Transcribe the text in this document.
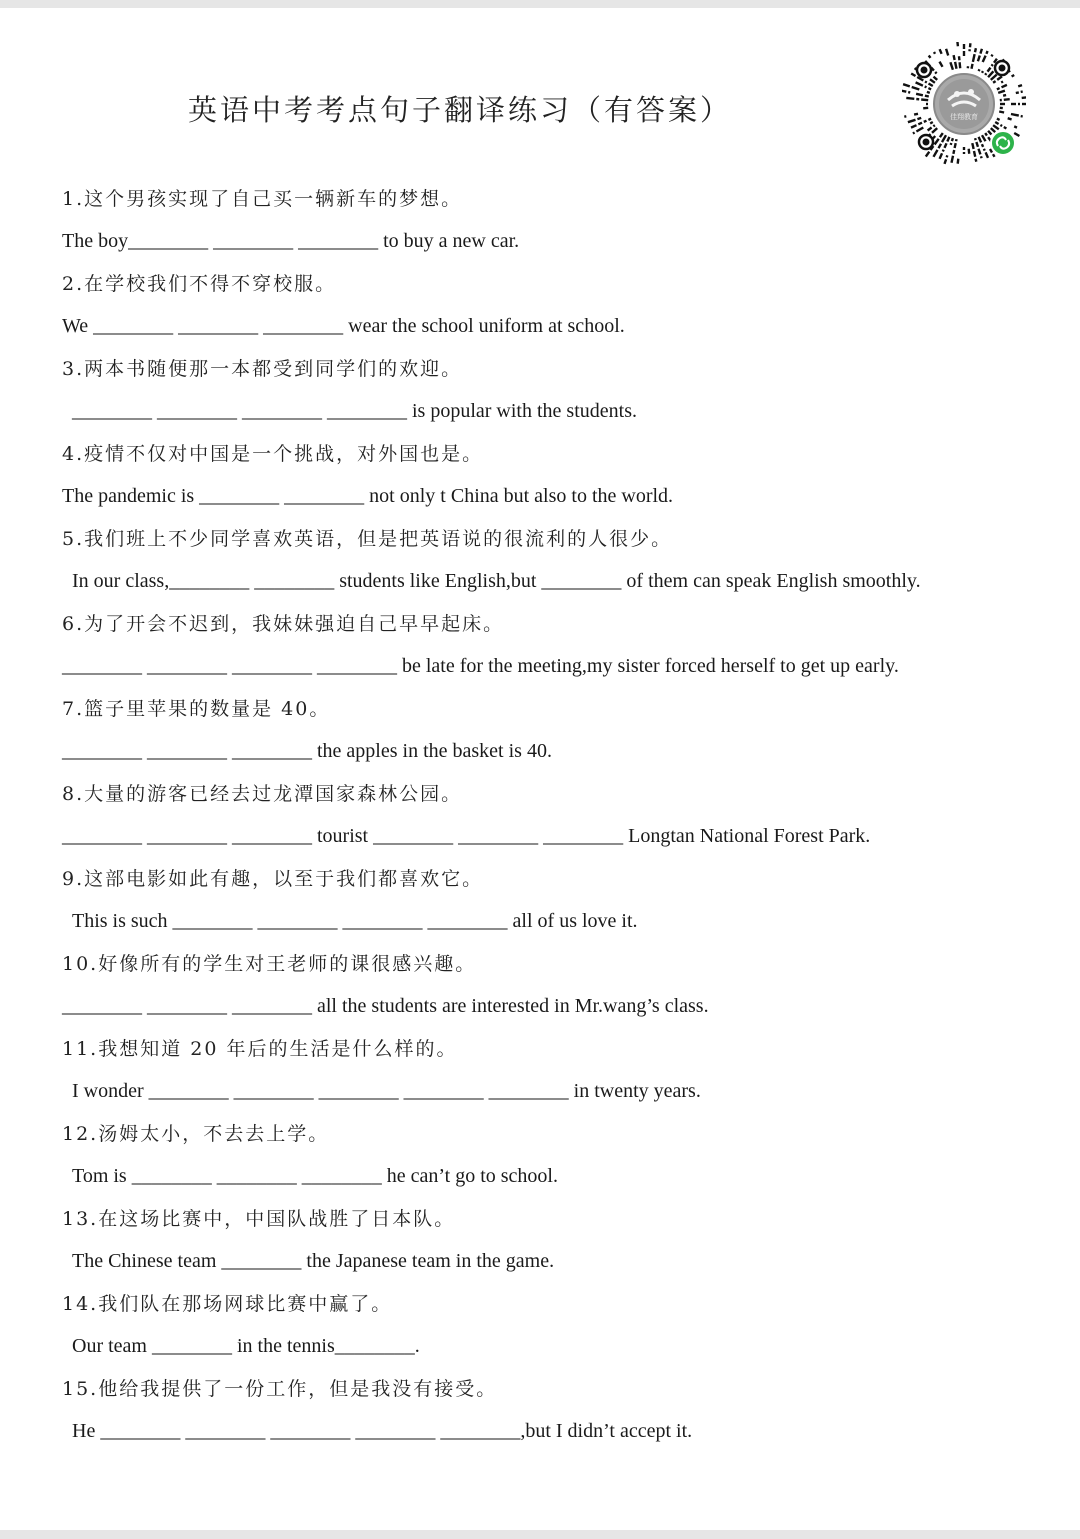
英语中考考点句子翻译练习（有答案）	佳翔教育
1.这个男孩实现了自己买一辆新车的梦想。
The boy________ ________ ________ to buy a new car.
2.在学校我们不得不穿校服。
We ________ ________ ________ wear the school uniform at school.
3.两本书随便那一本都受到同学们的欢迎。
________ ________ ________ ________ is popular with the students.
4.疫情不仅对中国是一个挑战，对外国也是。
The pandemic is ________ ________ not only t China but also to the world.
5.我们班上不少同学喜欢英语，但是把英语说的很流利的人很少。
In our class,________ ________ students like English,but ________ of them can speak English smoothly.
6.为了开会不迟到，我妹妹强迫自己早早起床。
________ ________ ________ ________ be late for the meeting,my sister forced herself to get up early.
7.篮子里苹果的数量是 40。
________ ________ ________ the apples in the basket is 40.
8.大量的游客已经去过龙潭国家森林公园。
________ ________ ________ tourist ________ ________ ________ Longtan National Forest Park.
9.这部电影如此有趣，以至于我们都喜欢它。
This is such ________ ________ ________ ________ all of us love it.
10.好像所有的学生对王老师的课很感兴趣。
________ ________ ________ all the students are interested in Mr.wang’s class.
11.我想知道 20 年后的生活是什么样的。
I wonder ________ ________ ________ ________ ________ in twenty years.
12.汤姆太小，不去去上学。
Tom is ________ ________ ________ he can’t go to school.
13.在这场比赛中，中国队战胜了日本队。
The Chinese team ________ the Japanese team in the game.
14.我们队在那场网球比赛中赢了。
Our team ________ in the tennis________.
15.他给我提供了一份工作，但是我没有接受。
He ________ ________ ________ ________ ________,but I didn’t accept it.
